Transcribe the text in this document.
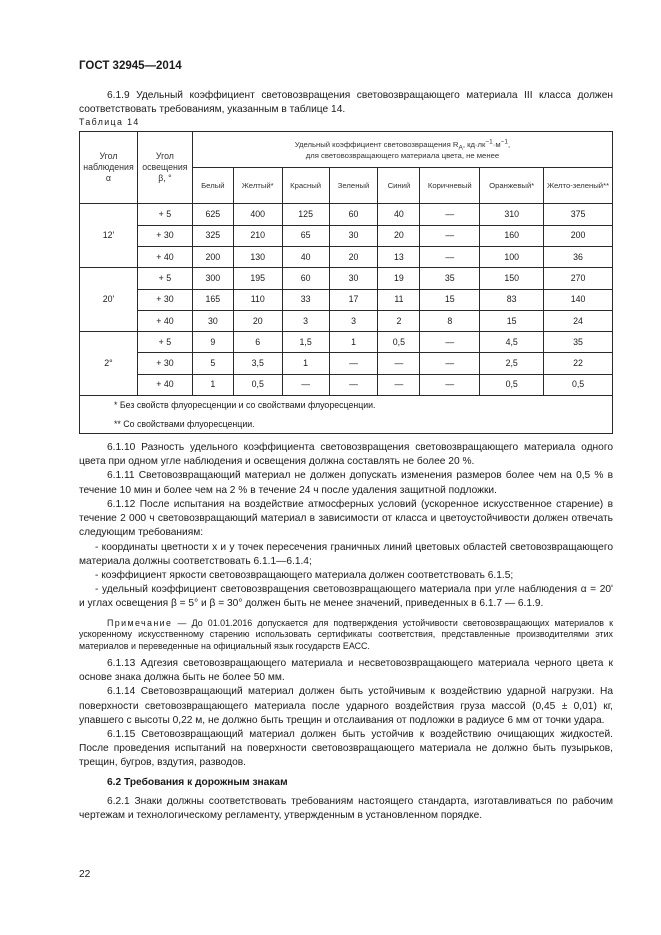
ГОСТ 32945—2014

6.1.9 Удельный коэффициент световозвращения световозвращающего материала III класса должен соответствовать требованиям, указанным в таблице 14.

Таблица 14

Угол наблюдения α	Угол освещения β, °	Удельный коэффициент световозвращения $R_A$, $кд\cdot лк^{-1}\cdot м^{-1}$,
для световозвращающего материала цвета, не менее							
		Белый	Желтый*	Красный	Зеленый	Синий	Коричневый	Оранжевый*	Желто-зеленый**
12ʹ	+ 5	625	400	125	60	40	—	310	375
	+ 30	325	210	65	30	20	—	160	200
	+ 40	200	130	40	20	13	—	100	36
20ʹ	+ 5	300	195	60	30	19	35	150	270
	+ 30	165	110	33	17	11	15	83	140
	+ 40	30	20	3	3	2	8	15	24
2°	+ 5	9	6	1,5	1	0,5	—	4,5	35
	+ 30	5	3,5	1	—	—	—	2,5	22
	+ 40	1	0,5	—	—	—	—	0,5	0,5
* Без свойств флуоресценции и со свойствами флуоресценции.									
** Со свойствами флуоресценции.									

6.1.10 Разность удельного коэффициента световозвращения световозвращающего материала одного цвета при одном угле наблюдения и освещения должна составлять не более 20 %.

6.1.11 Световозвращающий материал не должен допускать изменения размеров более чем на 0,5 % в течение 10 мин и более чем на 2 % в течение 24 ч после удаления защитной подложки.

6.1.12 После испытания на воздействие атмосферных условий (ускоренное искусственное старение) в течение 2 000 ч световозвращающий материал в зависимости от класса и цветоустойчивости должен отвечать следующим требованиям:

- координаты цветности x и y точек пересечения граничных линий цветовых областей световозвращающего материала должны соответствовать 6.1.1—6.1.4;

- коэффициент яркости световозвращающего материала должен соответствовать 6.1.5;

- удельный коэффициент световозвращения световозвращающего материала при угле наблюдения α = 20ʹ и углах освещения β = 5° и β = 30° должен быть не менее значений, приведенных в 6.1.7 — 6.1.9.

Примечание — До 01.01.2016 допускается для подтверждения устойчивости световозвращающих материалов к ускоренному искусственному старению использовать сертификаты соответствия, представленные производителями этих материалов и переведенные на официальный язык государств ЕАСС.

6.1.13 Адгезия световозвращающего материала и несветовозвращающего материала черного цвета к основе знака должна быть не более 50 мм.

6.1.14 Световозвращающий материал должен быть устойчивым к воздействию ударной нагрузки. На поверхности световозвращающего материала после ударного воздействия груза массой (0,45 ± 0,01) кг, упавшего с высоты 0,22 м, не должно быть трещин и отслаивания от подложки в радиусе 6 мм от точки удара.

6.1.15 Световозвращающий материал должен быть устойчив к воздействию очищающих жидкостей. После проведения испытаний на поверхности световозвращающего материала не должно быть пузырьков, трещин, бугров, вздутия, разводов.

6.2 Требования к дорожным знакам

6.2.1 Знаки должны соответствовать требованиям настоящего стандарта, изготавливаться по рабочим чертежам и технологическому регламенту, утвержденным в установленном порядке.

22
